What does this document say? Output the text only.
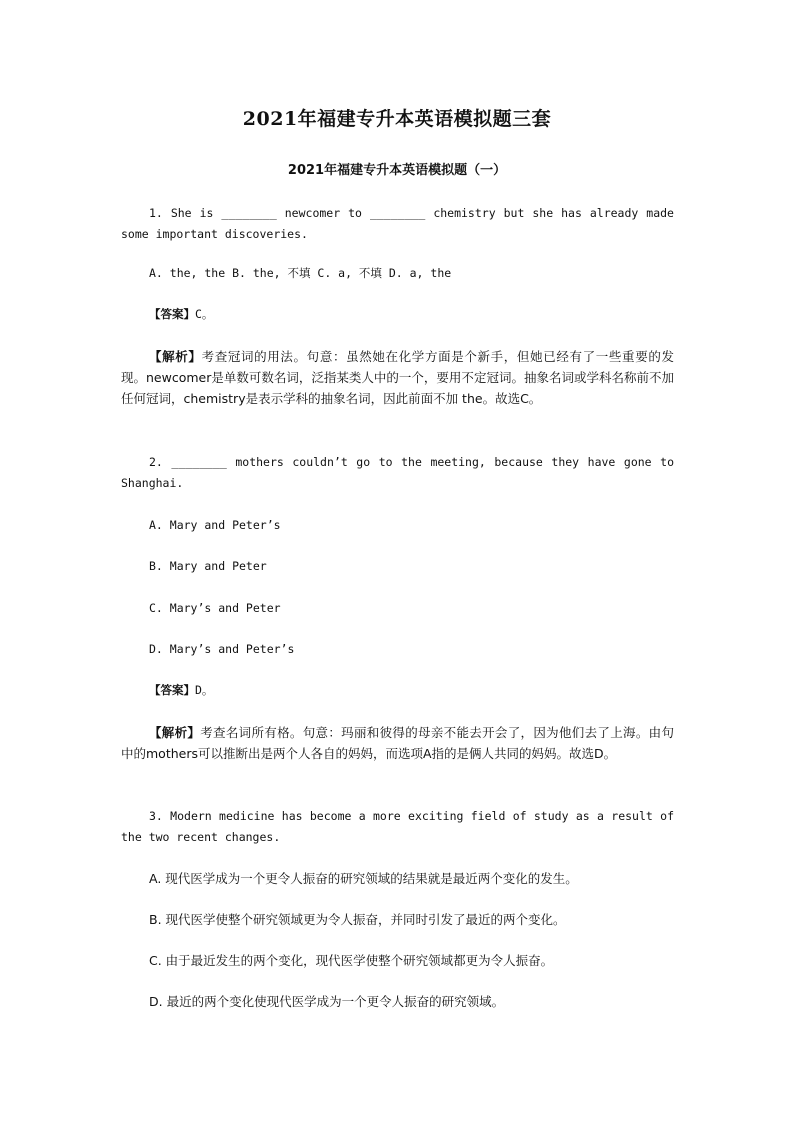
2021年福建专升本英语模拟题三套
2021年福建专升本英语模拟题（一）
1. She is ________ newcomer to ________ chemistry but she has already made some important discoveries.
A. the, the B. the, 不填 C. a, 不填 D. a, the
【答案】C。
【解析】考查冠词的用法。句意：虽然她在化学方面是个新手，但她已经有了一些重要的发现。newcomer是单数可数名词，泛指某类人中的一个，要用不定冠词。抽象名词或学科名称前不加任何冠词，chemistry是表示学科的抽象名词，因此前面不加 the。故选C。
2. ________ mothers couldn’t go to the meeting, because they have gone to Shanghai.
A. Mary and Peter’s
B. Mary and Peter
C. Mary’s and Peter
D. Mary’s and Peter’s
【答案】D。
【解析】考查名词所有格。句意：玛丽和彼得的母亲不能去开会了，因为他们去了上海。由句中的mothers可以推断出是两个人各自的妈妈，而选项A指的是俩人共同的妈妈。故选D。
3. Modern medicine has become a more exciting field of study as a result of the two recent changes.
A. 现代医学成为一个更令人振奋的研究领域的结果就是最近两个变化的发生。
B. 现代医学使整个研究领域更为令人振奋，并同时引发了最近的两个变化。
C. 由于最近发生的两个变化，现代医学使整个研究领域都更为令人振奋。
D. 最近的两个变化使现代医学成为一个更令人振奋的研究领域。
